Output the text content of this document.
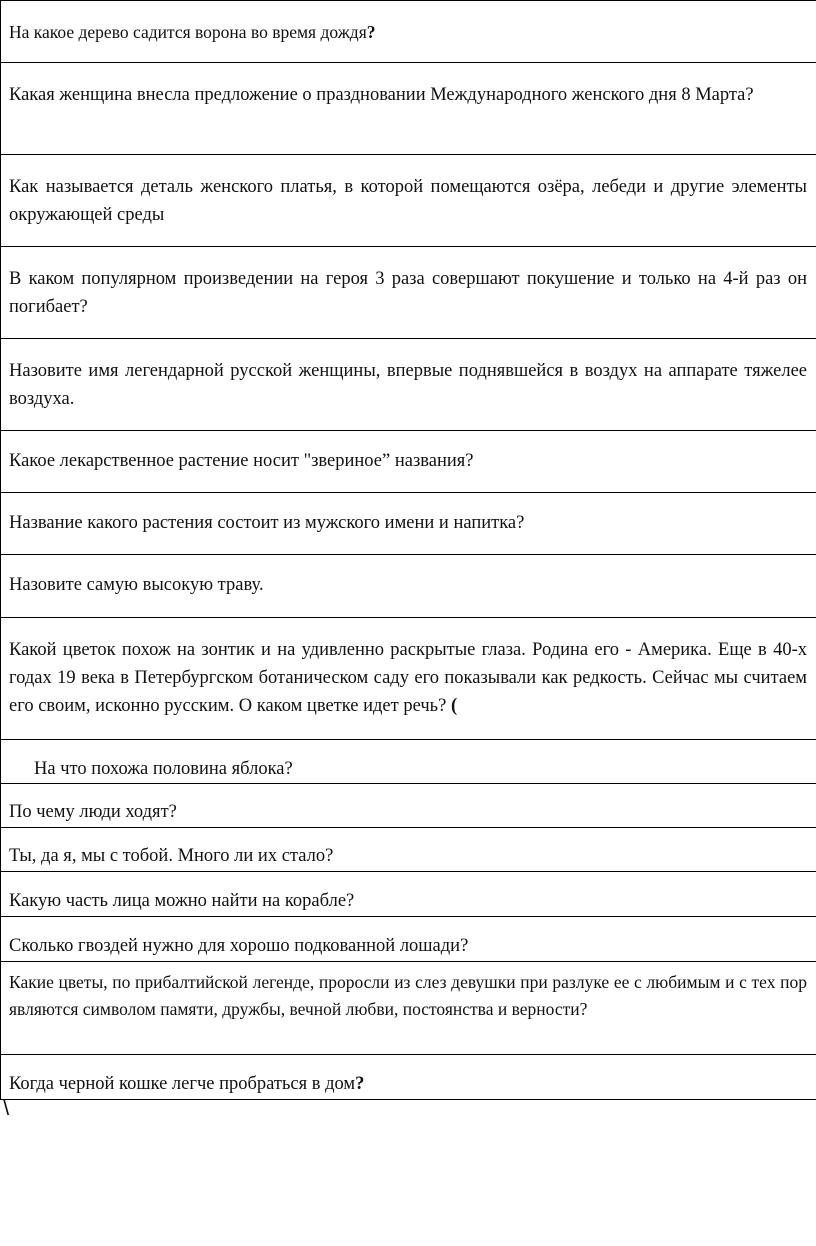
На какое дерево садится ворона во время дождя?
Какая женщина внесла предложение о праздновании Международного женского дня 8 Марта?
Как называется деталь женского платья, в которой помещаются озёра, лебеди и другие элементы окружающей среды
В каком популярном произведении на героя 3 раза совершают покушение и только на 4-й раз он погибает?
Назовите имя легендарной русской женщины, впервые поднявшейся в воздух на аппарате тяжелее воздуха.
Какое лекарственное растение носит "звериное” названия?
Название какого растения состоит из мужского имени и напитка?
Назовите самую высокую траву.
Какой цветок похож на зонтик и на удивленно раскрытые глаза. Родина его - Америка. Еще в 40-х годах 19 века в Петербургском ботаническом саду его показывали как редкость. Сейчас мы считаем его своим, исконно русским. О каком цветке идет речь? (
На что похожа половина яблока?
По чему люди ходят?
Ты, да я, мы с тобой. Много ли их стало?
Какую часть лица можно найти на корабле?
Сколько гвоздей нужно для хорошо подкованной лошади?
Какие цветы, по прибалтийской легенде, проросли из слез девушки при разлуке ее с любимым и с тех пор являются символом памяти, дружбы, вечной любви, постоянства и верности?
Когда черной кошке легче пробраться в дом?
\
